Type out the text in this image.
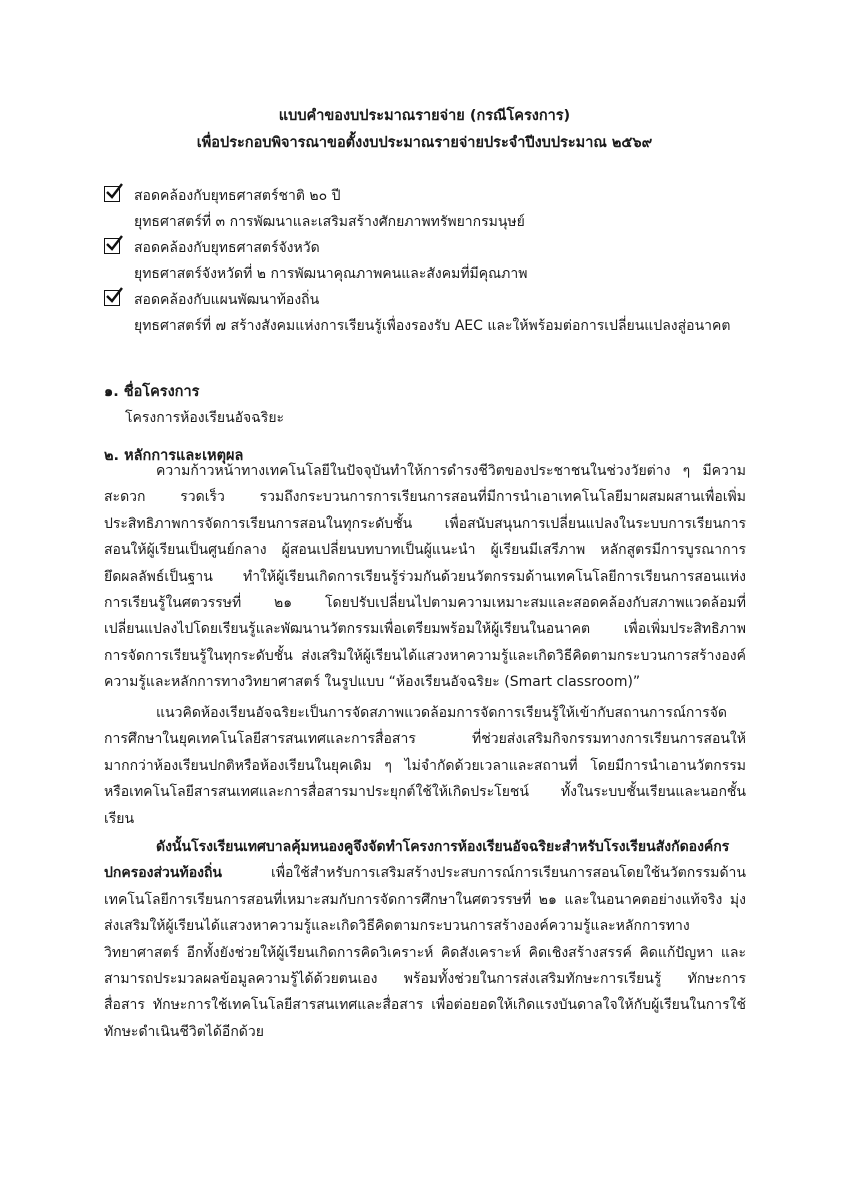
แบบคำของบประมาณรายจ่าย (กรณีโครงการ)
เพื่อประกอบพิจารณาขอตั้งงบประมาณรายจ่ายประจำปีงบประมาณ ๒๕๖๙
สอดคล้องกับยุทธศาสตร์ชาติ ๒๐ ปี
ยุทธศาสตร์ที่ ๓ การพัฒนาและเสริมสร้างศักยภาพทรัพยากรมนุษย์
สอดคล้องกับยุทธศาสตร์จังหวัด
ยุทธศาสตร์จังหวัดที่ ๒ การพัฒนาคุณภาพคนและสังคมที่มีคุณภาพ
สอดคล้องกับแผนพัฒนาท้องถิ่น
ยุทธศาสตร์ที่ ๗ สร้างสังคมแห่งการเรียนรู้เพื่องรองรับ AEC และให้พร้อมต่อการเปลี่ยนแปลงสู่อนาคต
๑. ชื่อโครงการ
โครงการห้องเรียนอัจฉริยะ
๒. หลักการและเหตุผล
ความก้าวหน้าทางเทคโนโลยีในปัจจุบันทำให้การดำรงชีวิตของประชาชนในช่วงวัยต่าง ๆ มีความ
สะดวก รวดเร็ว รวมถึงกระบวนการการเรียนการสอนที่มีการนำเอาเทคโนโลยีมาผสมผสานเพื่อเพิ่ม
ประสิทธิภาพการจัดการเรียนการสอนในทุกระดับชั้น เพื่อสนับสนุนการเปลี่ยนแปลงในระบบการเรียนการ
สอนให้ผู้เรียนเป็นศูนย์กลาง ผู้สอนเปลี่ยนบทบาทเป็นผู้แนะนำ ผู้เรียนมีเสรีภาพ หลักสูตรมีการบูรณาการ
ยึดผลลัพธ์เป็นฐาน ทำให้ผู้เรียนเกิดการเรียนรู้ร่วมกันด้วยนวัตกรรมด้านเทคโนโลยีการเรียนการสอนแห่ง
การเรียนรู้ในศตวรรษที่ ๒๑ โดยปรับเปลี่ยนไปตามความเหมาะสมและสอดคล้องกับสภาพแวดล้อมที่
เปลี่ยนแปลงไปโดยเรียนรู้และพัฒนานวัตกรรมเพื่อเตรียมพร้อมให้ผู้เรียนในอนาคต เพื่อเพิ่มประสิทธิภาพ
การจัดการเรียนรู้ในทุกระดับชั้น ส่งเสริมให้ผู้เรียนได้แสวงหาความรู้และเกิดวิธีคิดตามกระบวนการสร้างองค์
ความรู้และหลักการทางวิทยาศาสตร์ ในรูปแบบ “ห้องเรียนอัจฉริยะ (Smart classroom)”
แนวคิดห้องเรียนอัจฉริยะเป็นการจัดสภาพแวดล้อมการจัดการเรียนรู้ให้เข้ากับสถานการณ์การจัด
การศึกษาในยุคเทคโนโลยีสารสนเทศและการสื่อสาร ที่ช่วยส่งเสริมกิจกรรมทางการเรียนการสอนให้
มากกว่าห้องเรียนปกติหรือห้องเรียนในยุคเดิม ๆ ไม่จำกัดด้วยเวลาและสถานที่ โดยมีการนำเอานวัตกรรม
หรือเทคโนโลยีสารสนเทศและการสื่อสารมาประยุกต์ใช้ให้เกิดประโยชน์ ทั้งในระบบชั้นเรียนและนอกชั้น
เรียน
ดังนั้นโรงเรียนเทศบาลคุ้มหนองคูจึงจัดทำโครงการห้องเรียนอัจฉริยะสำหรับโรงเรียนสังกัดองค์กร
ปกครองส่วนท้องถิ่น เพื่อใช้สำหรับการเสริมสร้างประสบการณ์การเรียนการสอนโดยใช้นวัตกรรมด้าน
เทคโนโลยีการเรียนการสอนที่เหมาะสมกับการจัดการศึกษาในศตวรรษที่ ๒๑ และในอนาคตอย่างแท้จริง มุ่ง
ส่งเสริมให้ผู้เรียนได้แสวงหาความรู้และเกิดวิธีคิดตามกระบวนการสร้างองค์ความรู้และหลักการทาง
วิทยาศาสตร์ อีกทั้งยังช่วยให้ผู้เรียนเกิดการคิดวิเคราะห์ คิดสังเคราะห์ คิดเชิงสร้างสรรค์ คิดแก้ปัญหา และ
สามารถประมวลผลข้อมูลความรู้ได้ด้วยตนเอง พร้อมทั้งช่วยในการส่งเสริมทักษะการเรียนรู้ ทักษะการ
สื่อสาร ทักษะการใช้เทคโนโลยีสารสนเทศและสื่อสาร เพื่อต่อยอดให้เกิดแรงบันดาลใจให้กับผู้เรียนในการใช้
ทักษะดำเนินชีวิตได้อีกด้วย
